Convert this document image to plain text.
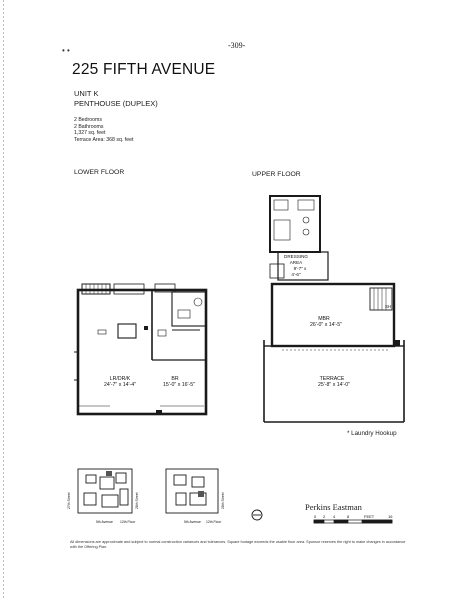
-309-
• •
225 FIFTH AVENUE
UNIT K
PENTHOUSE (DUPLEX)
2 Bedrooms
2 Bathrooms
1,327 sq. feet
Terrace Area: 368 sq. feet
LOWER FLOOR	UPPER FLOOR
LR/DR/K
24'-7" x 14'-4"
BR
15'-0" x 16'-5"
DRESSING
AREA
9'-7" x
4'-6"
MBR
26'-0" x 14'-5"
SH
TERRACE
25'-8" x 14'-0"
* Laundry Hookup
27th Street	28th Street
5th Avenue 12th Floor	5th Avenue 12th Floor
28th Street	Perkins Eastman
0 2 4	8	FEET	16
All dimensions are approximate and subject to normal construction variances and tolerances. Square footage exceeds the usable floor area. Sponsor reserves the right to make changes in accordance with the Offering Plan.
